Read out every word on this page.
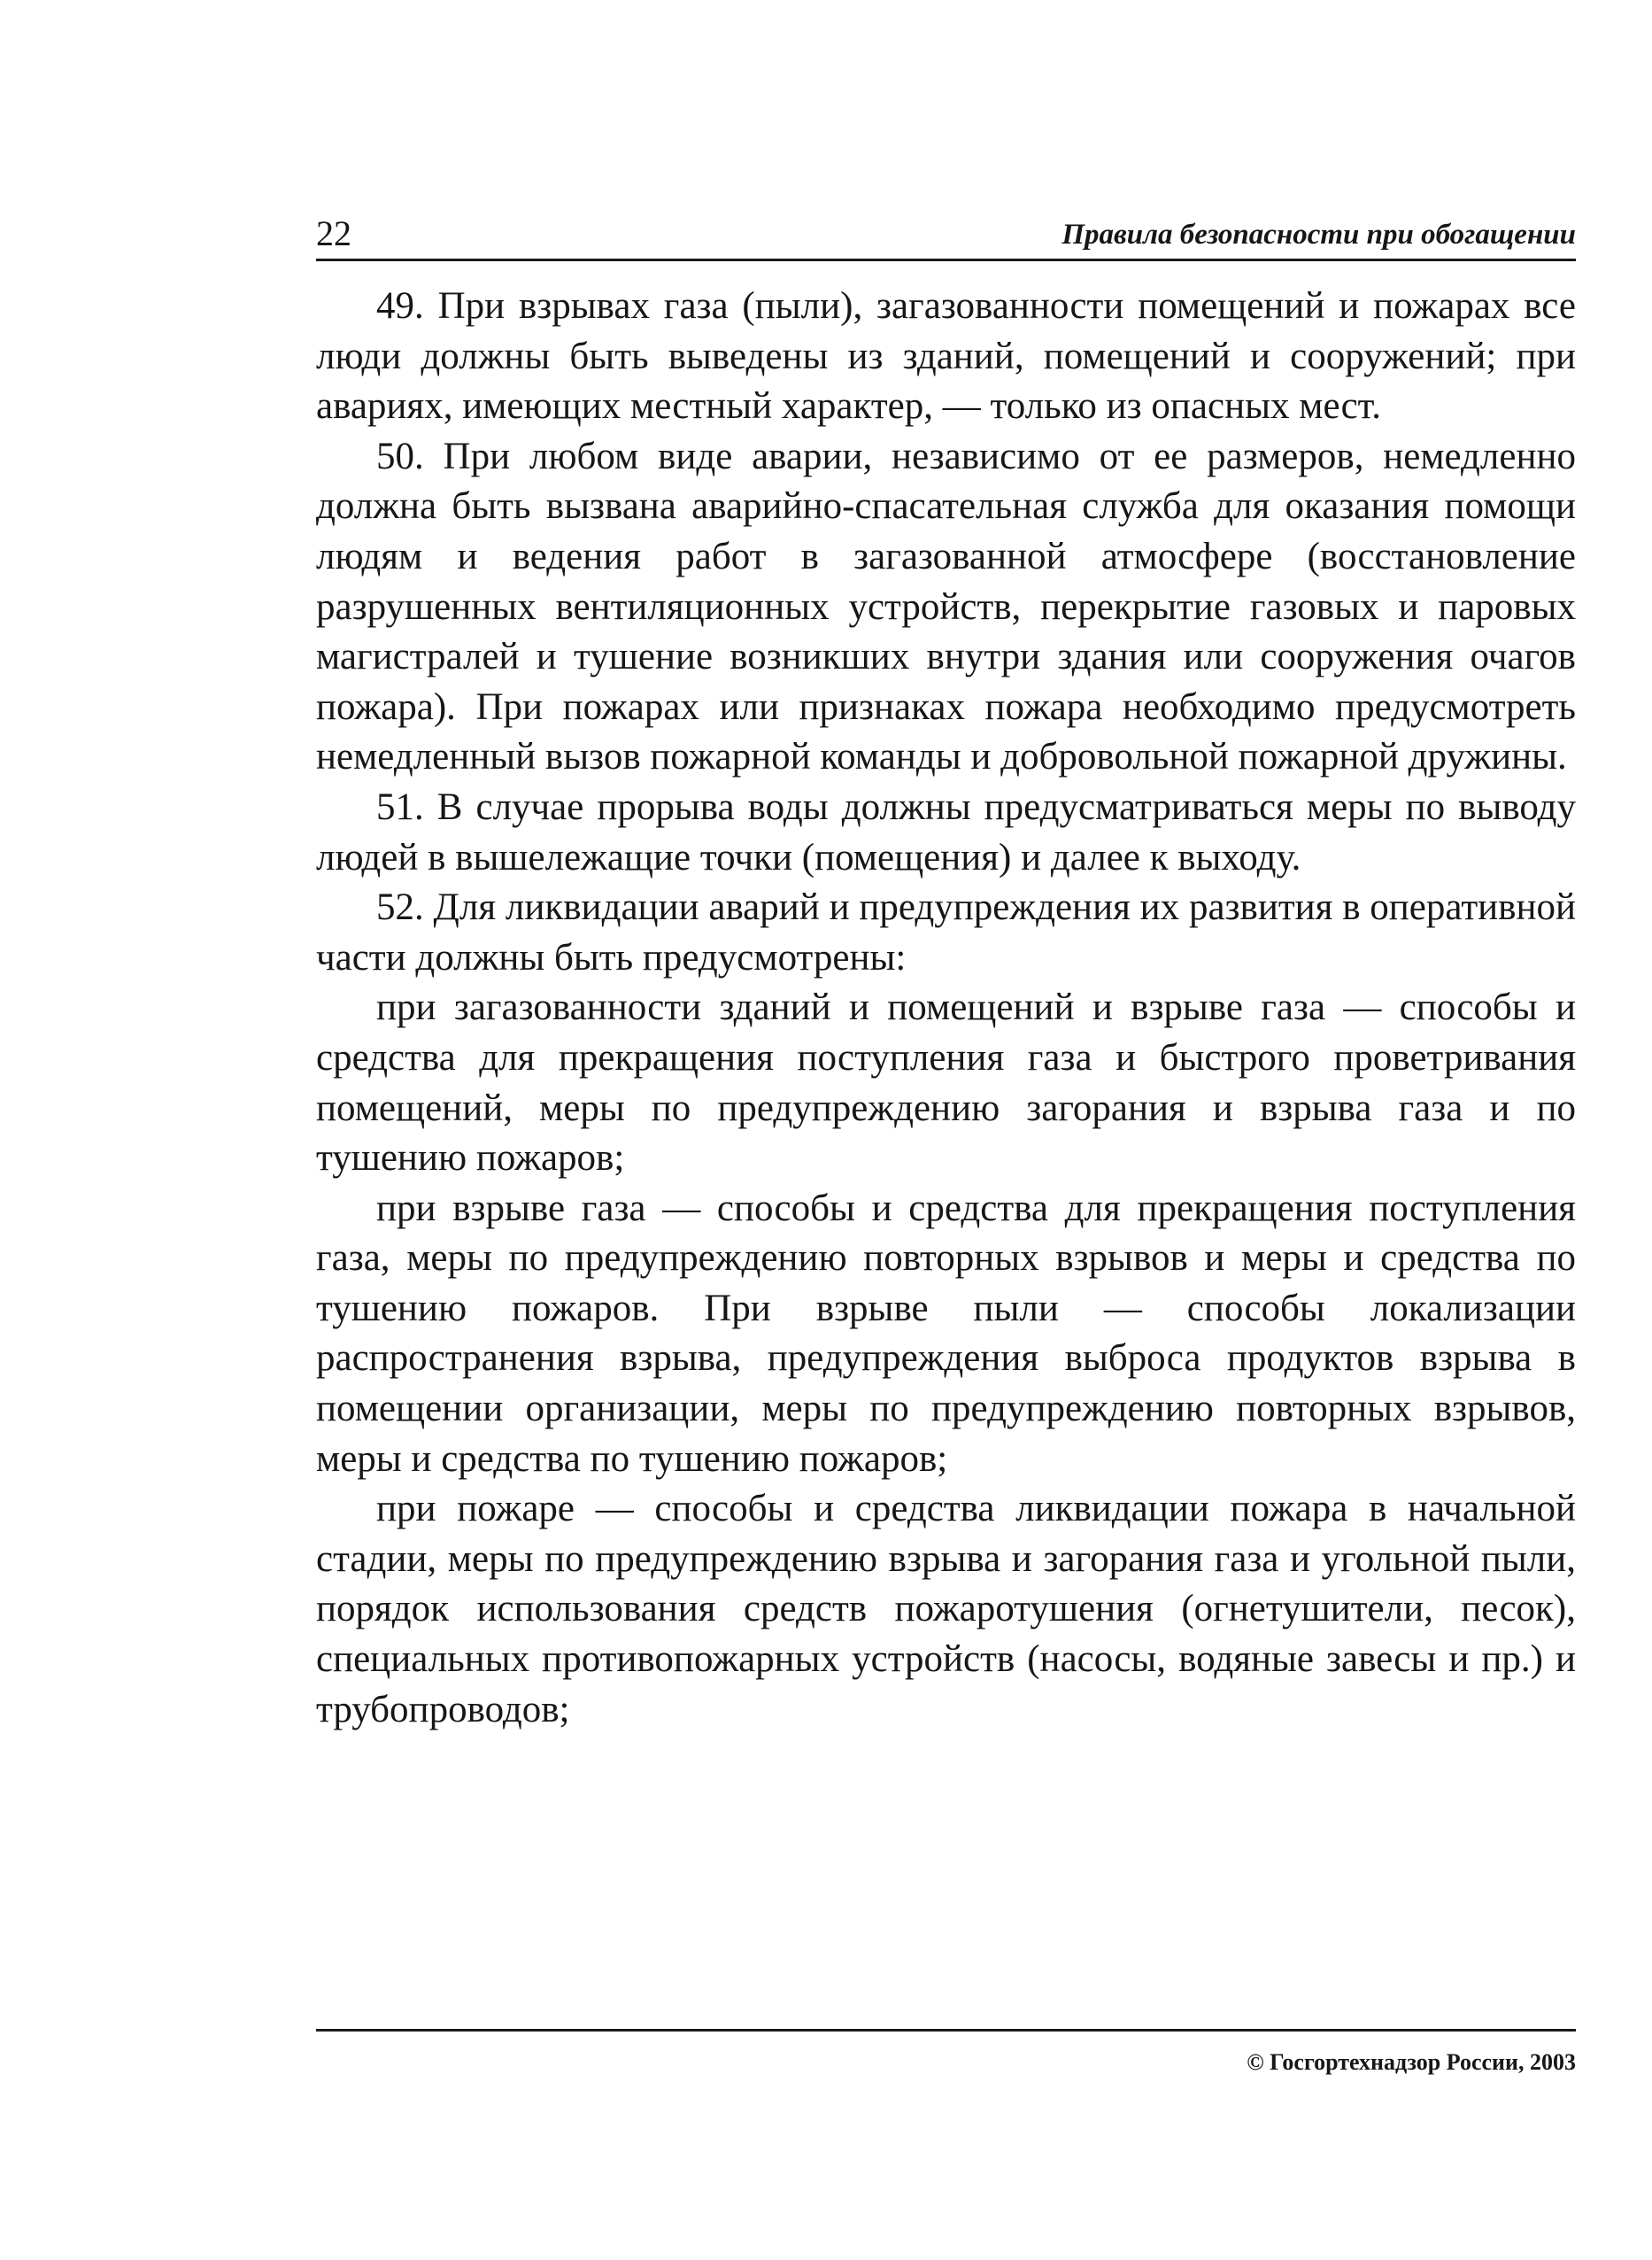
22	Правила безопасности при обогащении

49. При взрывах газа (пыли), загазованности помещений и пожарах все люди должны быть выведены из зданий, помещений и сооружений; при авариях, имеющих местный характер, — только из опасных мест.

50. При любом виде аварии, независимо от ее размеров, немедленно должна быть вызвана аварийно-спасательная служба для оказания помощи людям и ведения работ в загазованной атмосфере (восстановление разрушенных вентиляционных устройств, перекрытие газовых и паровых магистралей и тушение возникших внутри здания или сооружения очагов пожара). При пожарах или признаках пожара необходимо предусмотреть немедленный вызов пожарной команды и добровольной пожарной дружины.

51. В случае прорыва воды должны предусматриваться меры по выводу людей в вышележащие точки (помещения) и далее к выходу.

52. Для ликвидации аварий и предупреждения их развития в оперативной части должны быть предусмотрены:

при загазованности зданий и помещений и взрыве газа — способы и средства для прекращения поступления газа и быстрого проветривания помещений, меры по предупреждению загорания и взрыва газа и по тушению пожаров;

при взрыве газа — способы и средства для прекращения поступления газа, меры по предупреждению повторных взрывов и меры и средства по тушению пожаров. При взрыве пыли — способы локализации распространения взрыва, предупреждения выброса продуктов взрыва в помещении организации, меры по предупреждению повторных взрывов, меры и средства по тушению пожаров;

при пожаре — способы и средства ликвидации пожара в начальной стадии, меры по предупреждению взрыва и загорания газа и угольной пыли, порядок использования средств пожаротушения (огнетушители, песок), специальных противопожарных устройств (насосы, водяные завесы и пр.) и трубопроводов;

© Госгортехнадзор России, 2003
